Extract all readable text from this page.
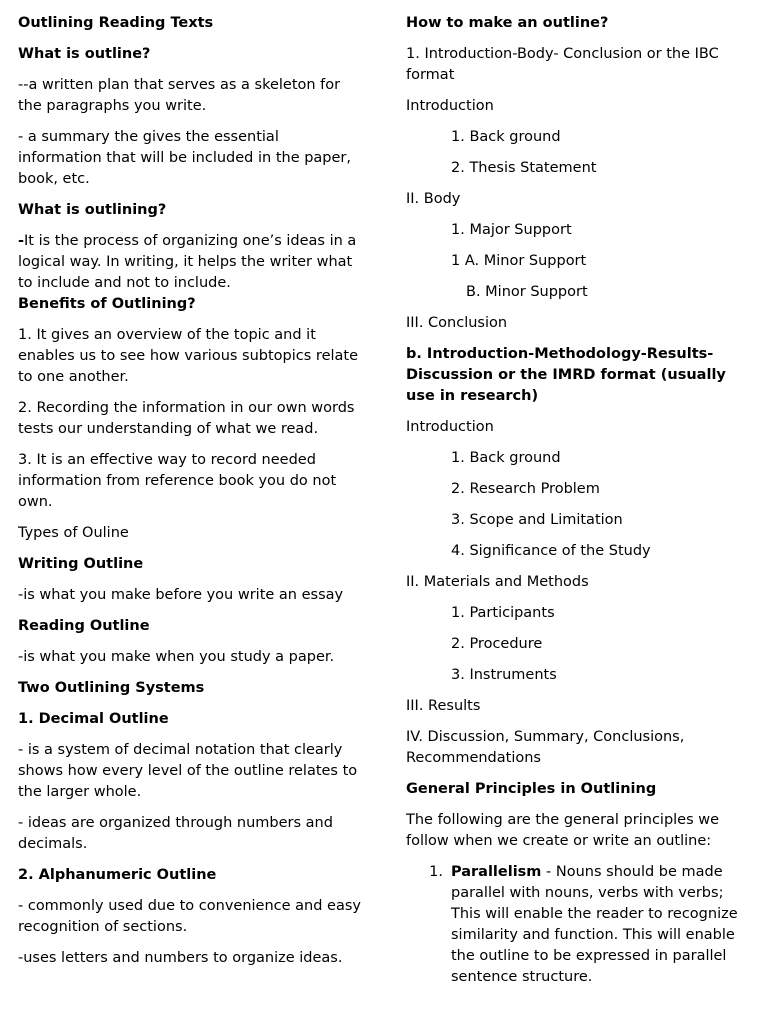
Outlining Reading Texts

What is outline?

--a written plan that serves as a skeleton for the paragraphs you write.

- a summary the gives the essential information that will be included in the paper, book, etc.

What is outlining?

-It is the process of organizing one’s ideas in a logical way. In writing, it helps the writer what to include and not to include.

Benefits of Outlining?

1. It gives an overview of the topic and it enables us to see how various subtopics relate to one another.

2. Recording the information in our own words tests our understanding of what we read.

3. It is an effective way to record needed information from reference book you do not own.

Types of Ouline

Writing Outline

-is what you make before you write an essay

Reading Outline

-is what you make when you study a paper.

Two Outlining Systems

1. Decimal Outline

- is a system of decimal notation that clearly shows how every level of the outline relates to the larger whole.

- ideas are organized through numbers and decimals.

2. Alphanumeric Outline

- commonly used due to convenience and easy recognition of sections.

-uses letters and numbers to organize ideas.

How to make an outline?

1. Introduction-Body- Conclusion or the IBC format

Introduction

1. Back ground

2. Thesis Statement

II. Body

1. Major Support

1 A. Minor Support

B. Minor Support

III. Conclusion

b. Introduction-Methodology-Results-Discussion or the IMRD format (usually use in research)

Introduction

1. Back ground

2. Research Problem

3. Scope and Limitation

4. Significance of the Study

II. Materials and Methods

1. Participants

2. Procedure

3. Instruments

III. Results

IV. Discussion, Summary, Conclusions, Recommendations

General Principles in Outlining

The following are the general principles we follow when we create or write an outline:

1. Parallelism - Nouns should be made parallel with nouns, verbs with verbs; This will enable the reader to recognize similarity and function. This will enable the outline to be expressed in parallel sentence structure.
